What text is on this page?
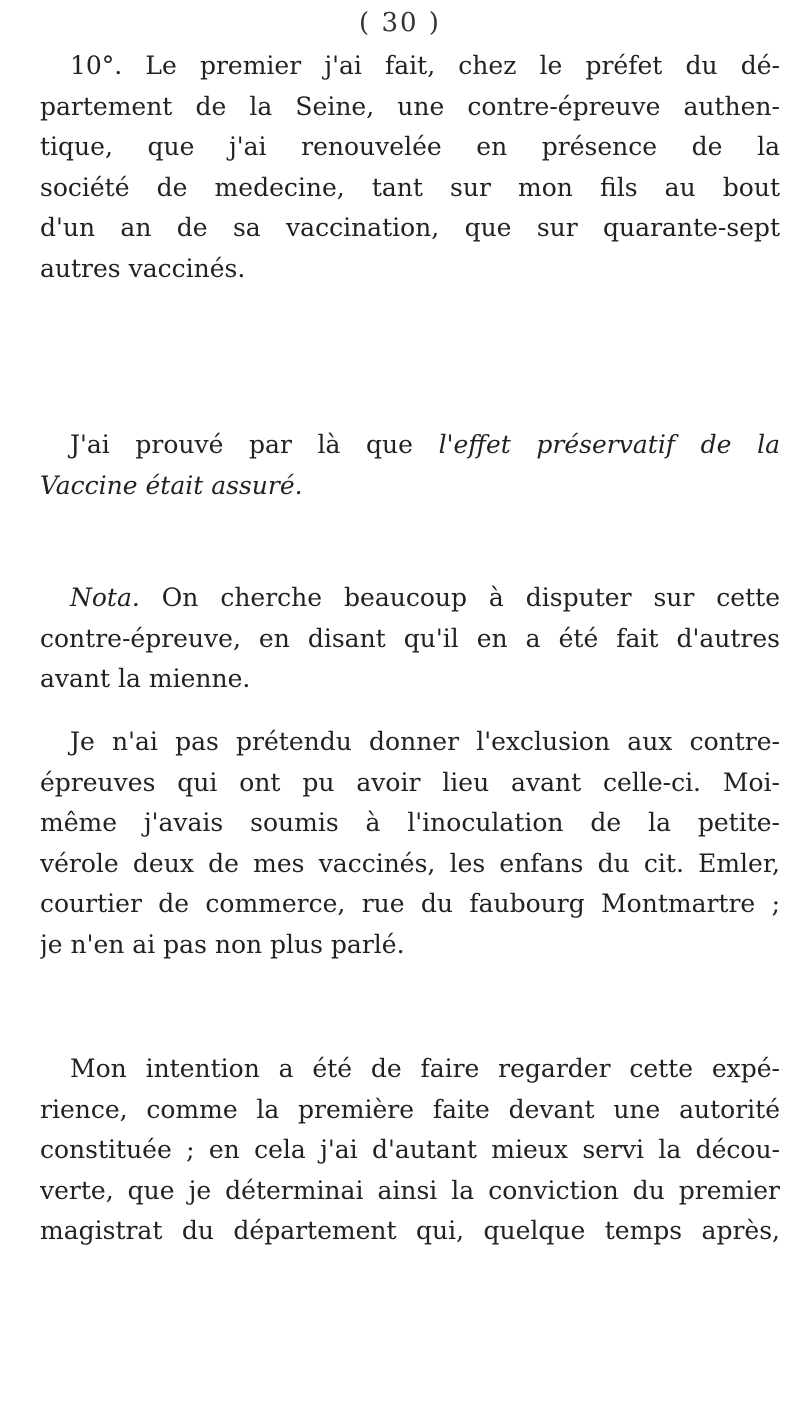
( 30 )
10°. Le premier j'ai fait, chez le préfet du dé-
partement de la Seine, une contre-épreuve authen-
tique, que j'ai renouvelée en présence de la
société de medecine, tant sur mon fils au bout
d'un an de sa vaccination, que sur quarante-sept
autres vaccinés.
J'ai prouvé par là que l'effet préservatif de la
Vaccine était assuré.
Nota. On cherche beaucoup à disputer sur cette
contre-épreuve, en disant qu'il en a été fait d'autres
avant la mienne.
Je n'ai pas prétendu donner l'exclusion aux contre-
épreuves qui ont pu avoir lieu avant celle-ci. Moi-
même j'avais soumis à l'inoculation de la petite-
vérole deux de mes vaccinés, les enfans du cit. Emler,
courtier de commerce, rue du faubourg Montmartre ;
je n'en ai pas non plus parlé.
Mon intention a été de faire regarder cette expé-
rience, comme la première faite devant une autorité
constituée ; en cela j'ai d'autant mieux servi la décou-
verte, que je déterminai ainsi la conviction du premier
magistrat du département qui, quelque temps après,
